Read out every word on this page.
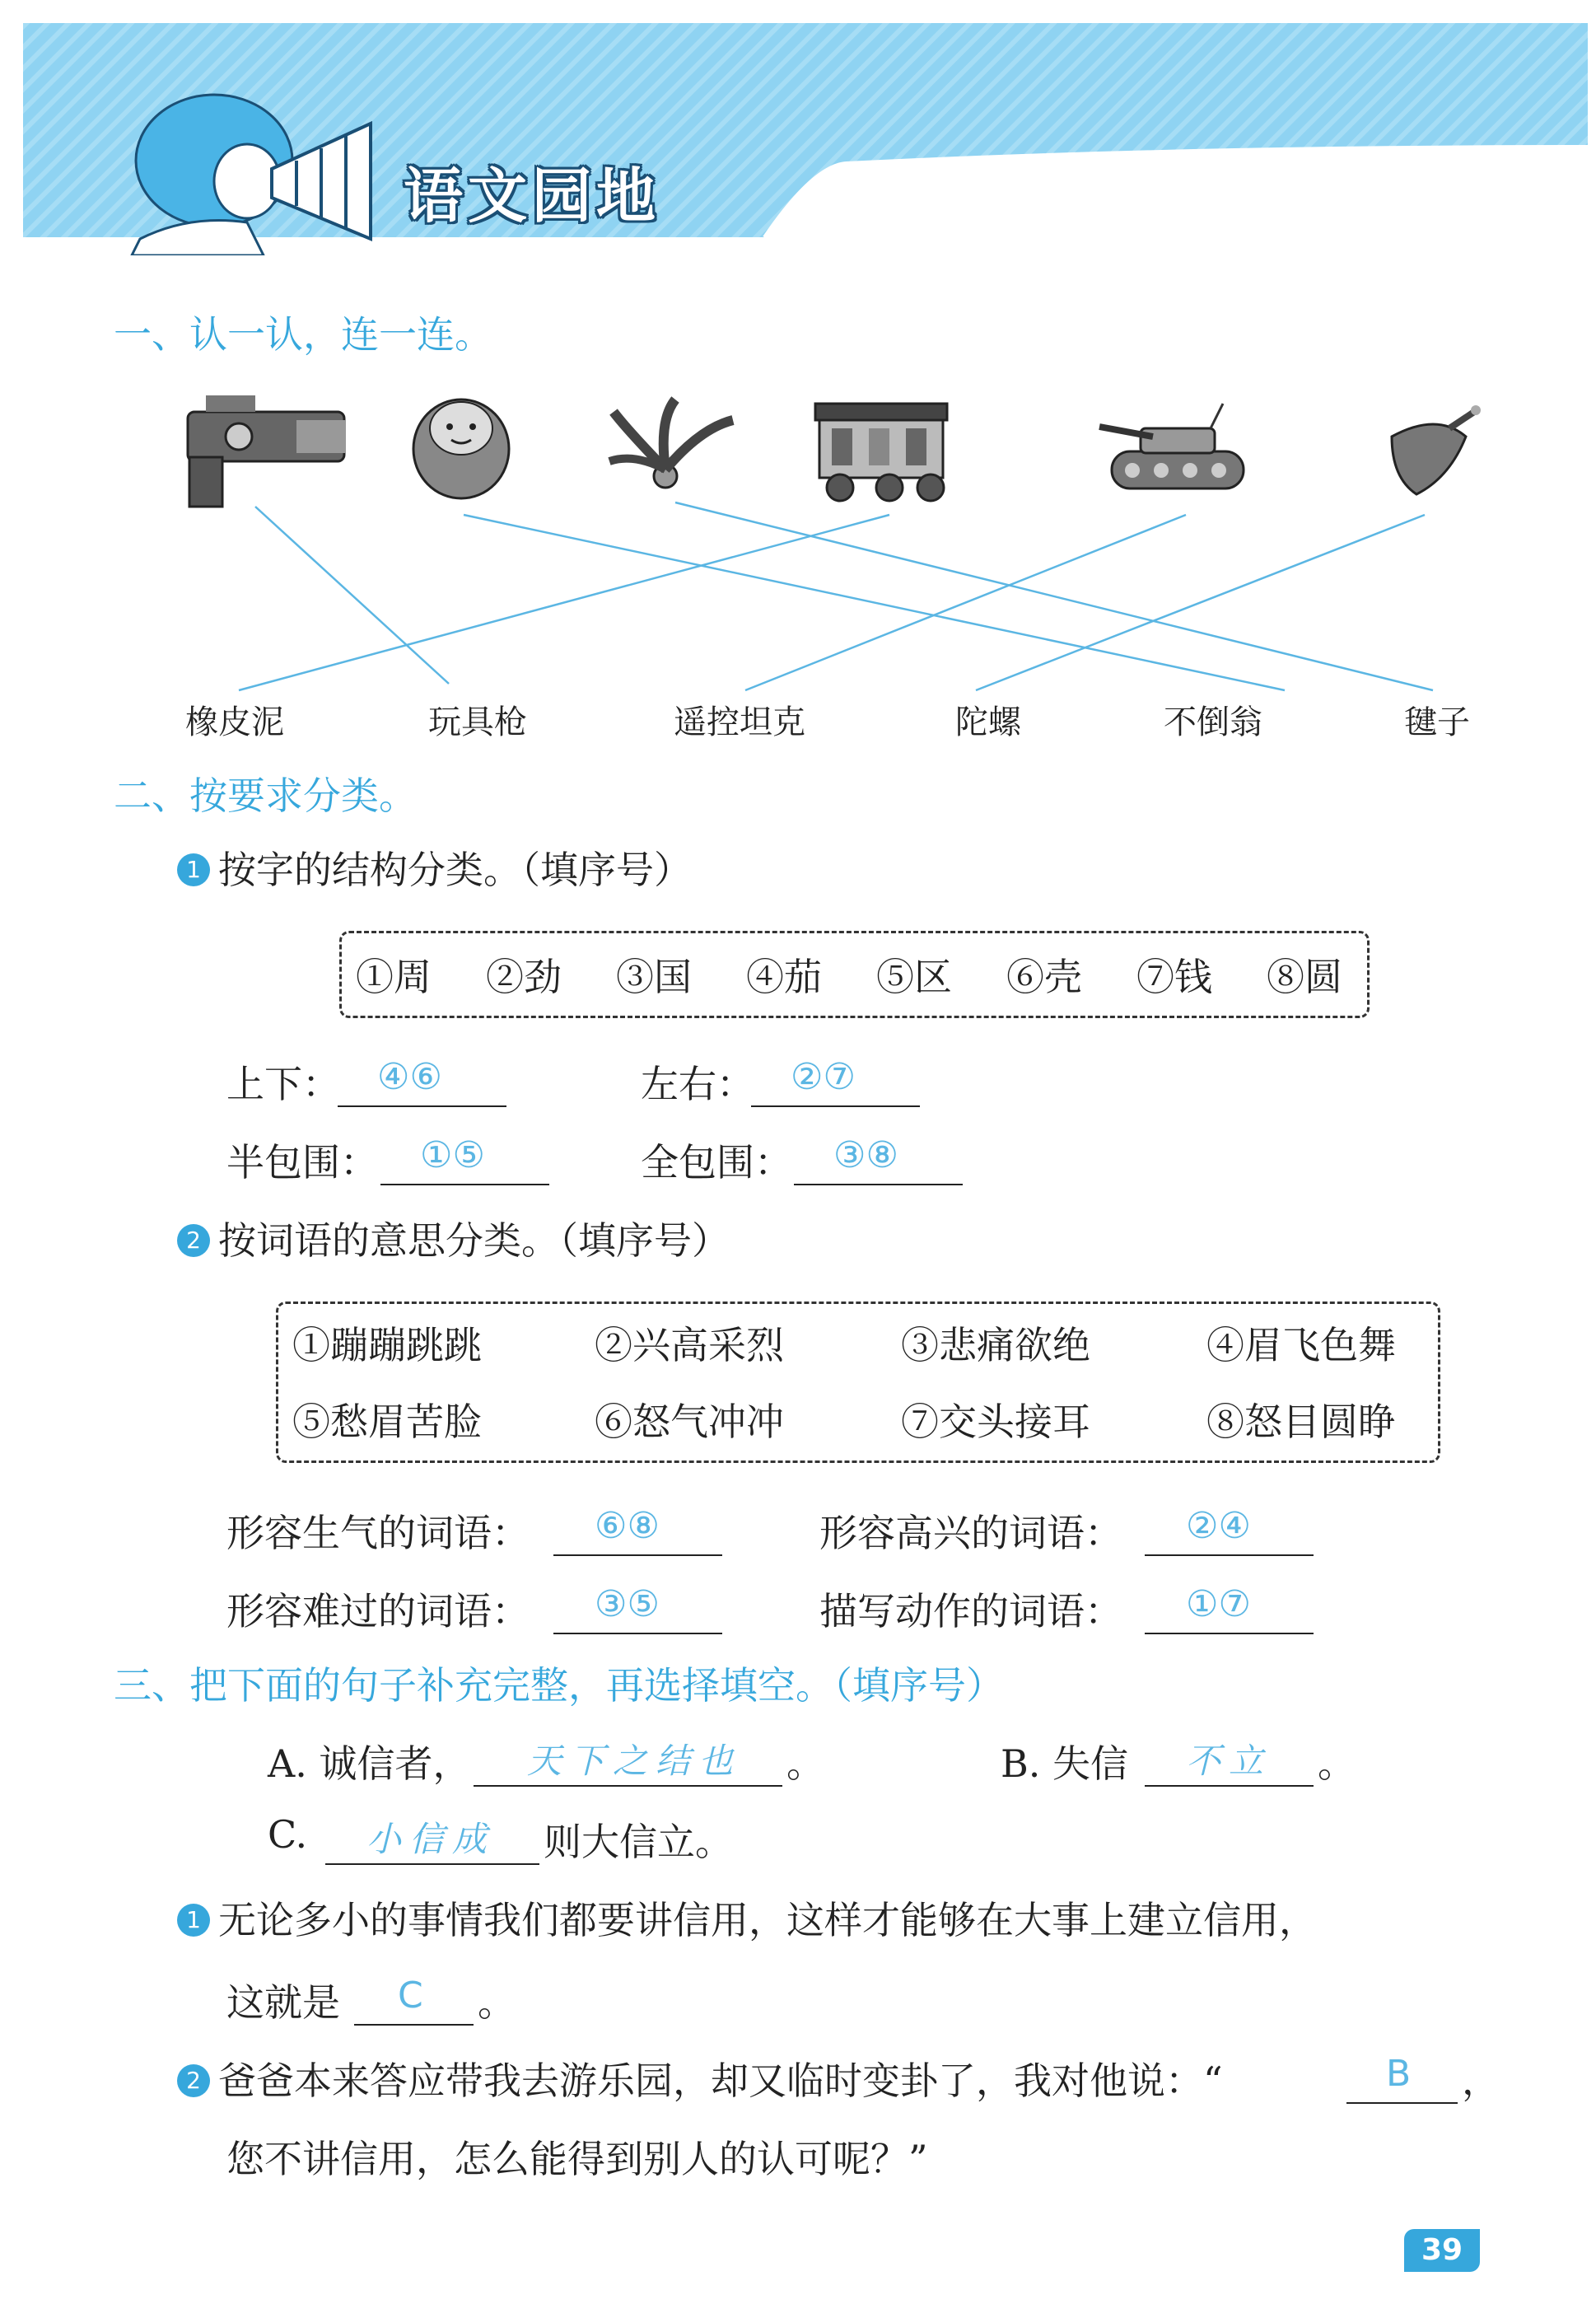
语文园地
一、认一认，连一连。
橡皮泥	玩具枪	遥控坦克	陀螺	不倒翁	毽子
二、按要求分类。
1 按字的结构分类。（填序号）
①周 ②劲 ③国 ④茄 ⑤区 ⑥壳 ⑦钱 ⑧圆
上下： ④⑥	左右： ②⑦
半包围： ①⑤	全包围： ③⑧
2 按词语的意思分类。（填序号）
①蹦蹦跳跳	②兴高采烈	③悲痛欲绝	④眉飞色舞
⑤愁眉苦脸	⑥怒气冲冲	⑦交头接耳	⑧怒目圆睁
形容生气的词语： ⑥⑧	形容高兴的词语： ②④
形容难过的词语： ③⑤	描写动作的词语： ①⑦
三、把下面的句子补充完整，再选择填空。（填序号）
A. 诚信者， 天下之结也 。	B. 失信 不立 。
C. 小信成 则大信立。
1 无论多小的事情我们都要讲信用，这样才能够在大事上建立信用，
这就是 C 。
2 爸爸本来答应带我去游乐园，却又临时变卦了，我对他说：“	B ，
您不讲信用，怎么能得到别人的认可呢？”
39
